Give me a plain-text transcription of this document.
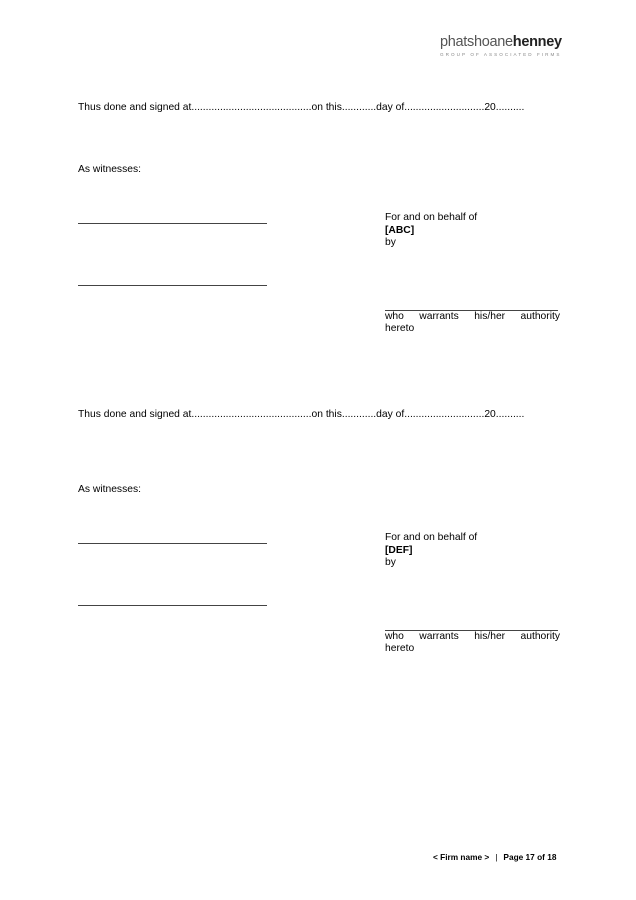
phatshoanehenney
GROUP OF ASSOCIATED FIRMS
Thus done and signed at..........................................on this............day of............................20..........
As witnesses:
For and on behalf of
[ABC]
by
who warrants his/her authority
hereto
Thus done and signed at..........................................on this............day of............................20..........
As witnesses:
For and on behalf of
[DEF]
by
who warrants his/her authority
hereto
< Firm name > | Page 17 of 18
